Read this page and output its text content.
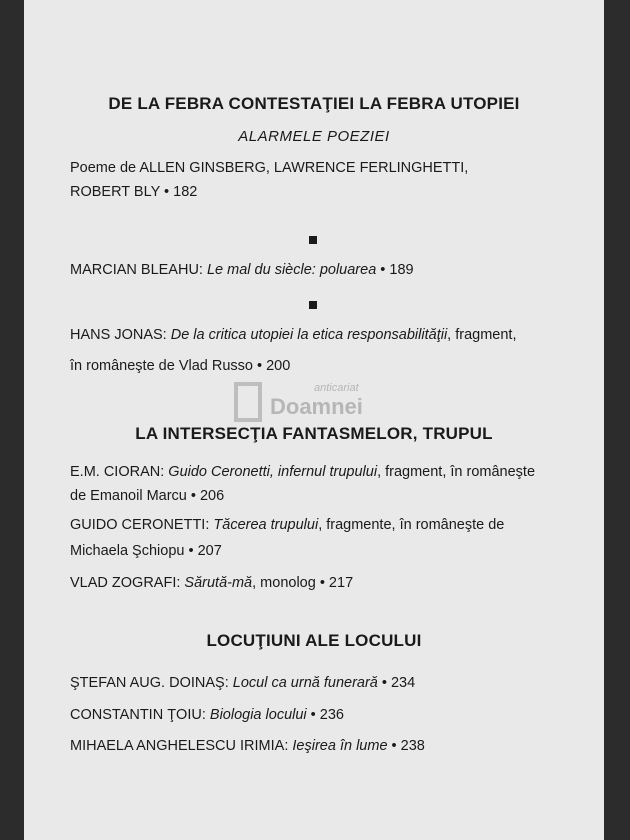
DE LA FEBRA CONTESTAŢIEI LA FEBRA UTOPIEI
ALARMELE POEZIEI
Poeme de ALLEN GINSBERG, LAWRENCE FERLINGHETTI,
ROBERT BLY • 182
MARCIAN BLEAHU: Le mal du siècle: poluarea • 189
HANS JONAS: De la critica utopiei la etica responsabilităţii, fragment,
în româneşte de Vlad Russo • 200
anticariat
Doamnei
LA INTERSECŢIA FANTASMELOR, TRUPUL
E.M. CIORAN: Guido Ceronetti, infernul trupului, fragment, în româneşte
de Emanoil Marcu • 206
GUIDO CERONETTI: Tăcerea trupului, fragmente, în româneşte de
Michaela Şchiopu • 207
VLAD ZOGRAFI: Sărută-mă, monolog • 217
LOCUŢIUNI ALE LOCULUI
ŞTEFAN AUG. DOINAŞ: Locul ca urnă funerară • 234
CONSTANTIN ŢOIU: Biologia locului • 236
MIHAELA ANGHELESCU IRIMIA: Ieşirea în lume • 238
